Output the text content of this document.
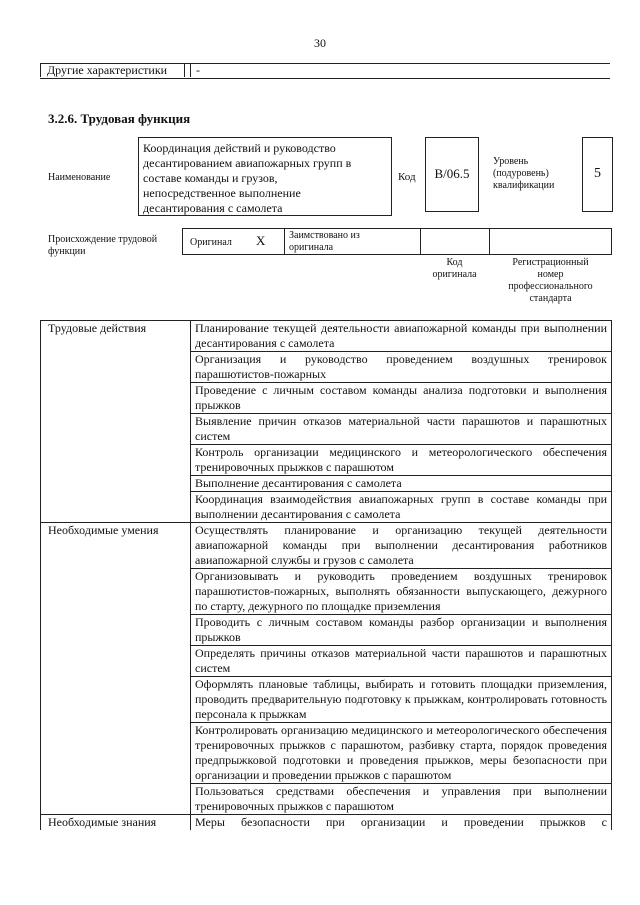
30
Другие характеристики	-
3.2.6. Трудовая функция
Наименование
Координация действий и руководство
десантированием авиапожарных групп в
составе команды и грузов,
непосредственное выполнение
десантирования с самолета
Код	B/06.5
Уровень
(подуровень)
квалификации
5
Происхождение трудовой
функции
Оригинал X Заимствовано из
оригинала
Код
оригинала
Регистрационный
номер
профессионального
стандарта
Трудовые действия	Планирование текущей деятельности авиапожарной команды при выполнении десантирования с самолета
	Организация и руководство проведением воздушных тренировок парашютистов-пожарных
	Проведение с личным составом команды анализа подготовки и выполнения прыжков
	Выявление причин отказов материальной части парашютов и парашютных систем
	Контроль организации медицинского и метеорологического обеспечения тренировочных прыжков с парашютом
	Выполнение десантирования с самолета
	Координация взаимодействия авиапожарных групп в составе команды при выполнении десантирования с самолета
Необходимые умения	Осуществлять планирование и организацию текущей деятельности авиапожарной команды при выполнении десантирования работников авиапожарной службы и грузов с самолета
	Организовывать и руководить проведением воздушных тренировок парашютистов-пожарных, выполнять обязанности выпускающего, дежурного по старту, дежурного по площадке приземления
	Проводить с личным составом команды разбор организации и выполнения прыжков
	Определять причины отказов материальной части парашютов и парашютных систем
	Оформлять плановые таблицы, выбирать и готовить площадки приземления, проводить предварительную подготовку к прыжкам, контролировать готовность персонала к прыжкам
	Контролировать организацию медицинского и метеорологического обеспечения тренировочных прыжков с парашютом, разбивку старта, порядок проведения предпрыжковой подготовки и проведения прыжков, меры безопасности при организации и проведении прыжков с парашютом
	Пользоваться средствами обеспечения и управления при выполнении тренировочных прыжков с парашютом
Необходимые знания	Меры безопасности при организации и проведении прыжков с
